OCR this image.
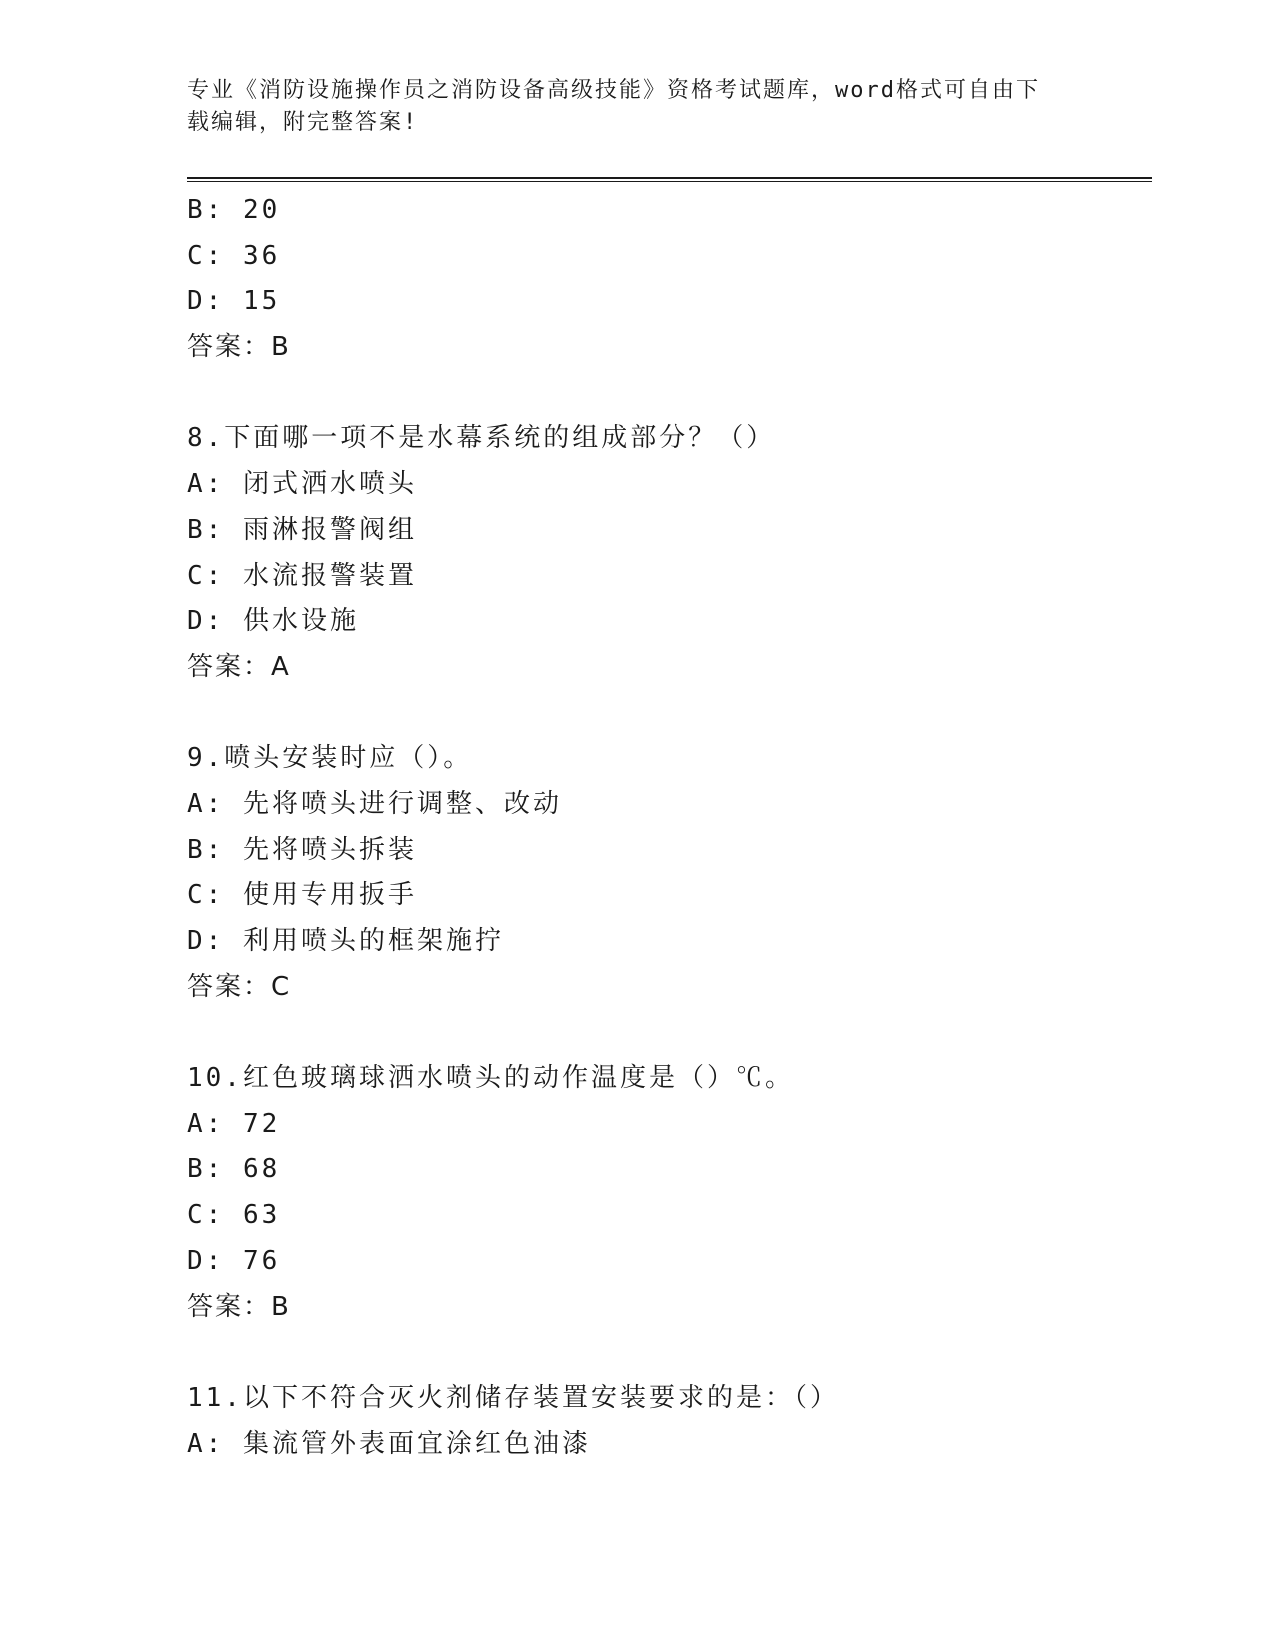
专业《消防设施操作员之消防设备高级技能》资格考试题库，word格式可自由下
载编辑，附完整答案!
B: 20
C: 36
D: 15
答案：B
8.下面哪一项不是水幕系统的组成部分？（）
A: 闭式洒水喷头
B: 雨淋报警阀组
C: 水流报警装置
D: 供水设施
答案：A
9.喷头安装时应（）。
A: 先将喷头进行调整、改动
B: 先将喷头拆装
C: 使用专用扳手
D: 利用喷头的框架施拧
答案：C
10.红色玻璃球洒水喷头的动作温度是（）℃。
A: 72
B: 68
C: 63
D: 76
答案：B
11.以下不符合灭火剂储存装置安装要求的是：（）
A: 集流管外表面宜涂红色油漆
